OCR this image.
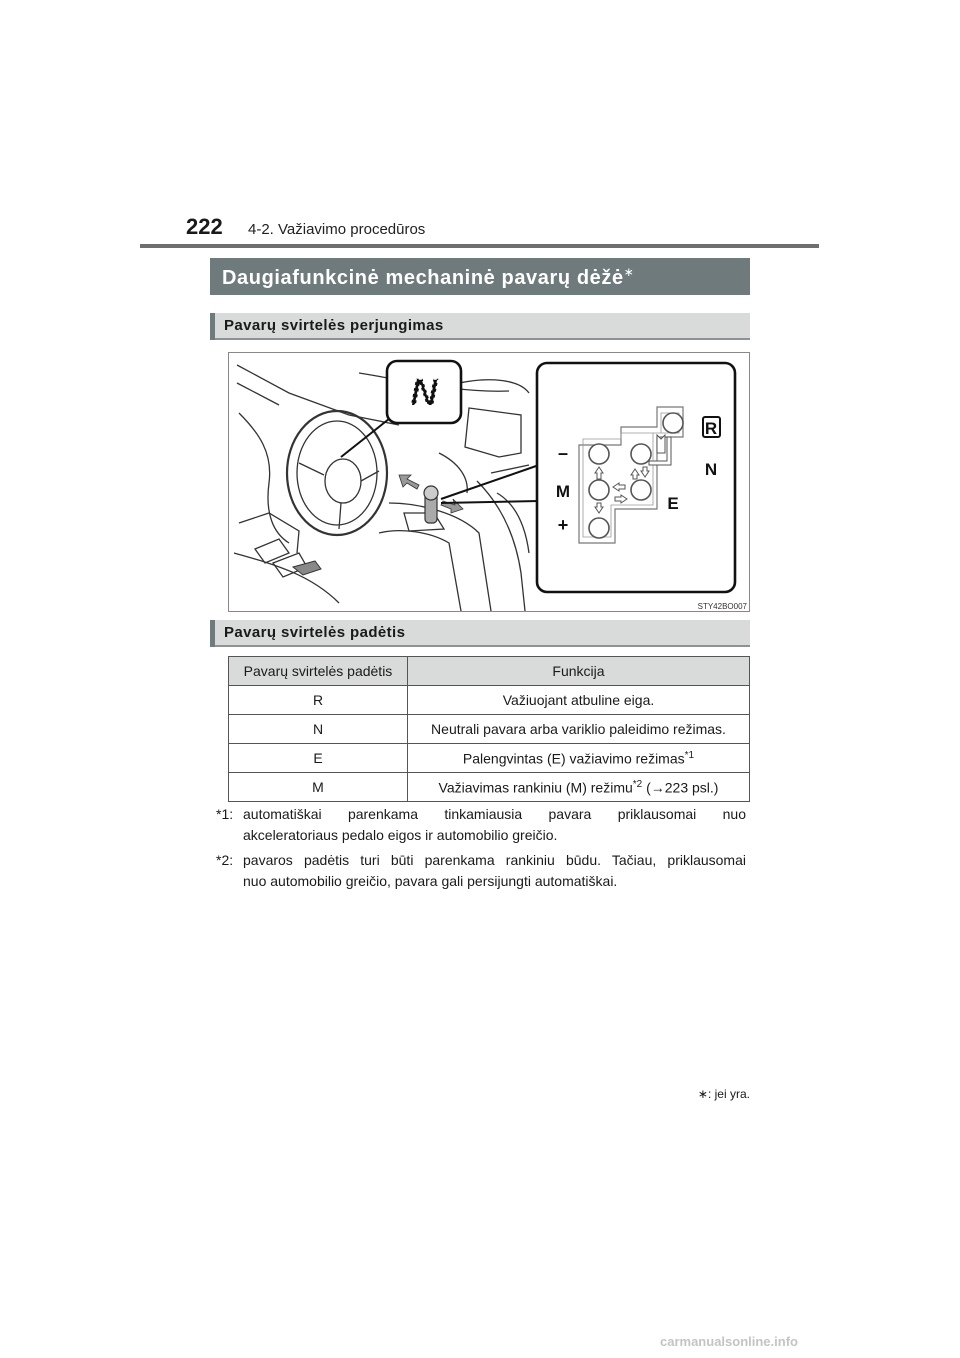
222 4-2. Važiavimo procedūros
Daugiafunkcinė mechaninė pavarų dėžė∗
Pavarų svirtelės perjungimas
N
–
M
+
R
N
E
STY42BO007
Pavarų svirtelės padėtis
Pavarų svirtelės padėtis	Funkcija
R	Važiuojant atbuline eiga.
N	Neutrali pavara arba variklio paleidimo režimas.
E	Palengvintas (E) važiavimo režimas$^{*1}$
M	Važiavimas rankiniu (M) režimu$^{*2}$ (→223 psl.)
*1: automatiškai parenkama tinkamiausia pavara priklausomai nuo
akceleratoriaus pedalo eigos ir automobilio greičio.
*2: pavaros padėtis turi būti parenkama rankiniu būdu. Tačiau, priklausomai
nuo automobilio greičio, pavara gali persijungti automatiškai.
∗: jei yra.
carmanualsonline.info
